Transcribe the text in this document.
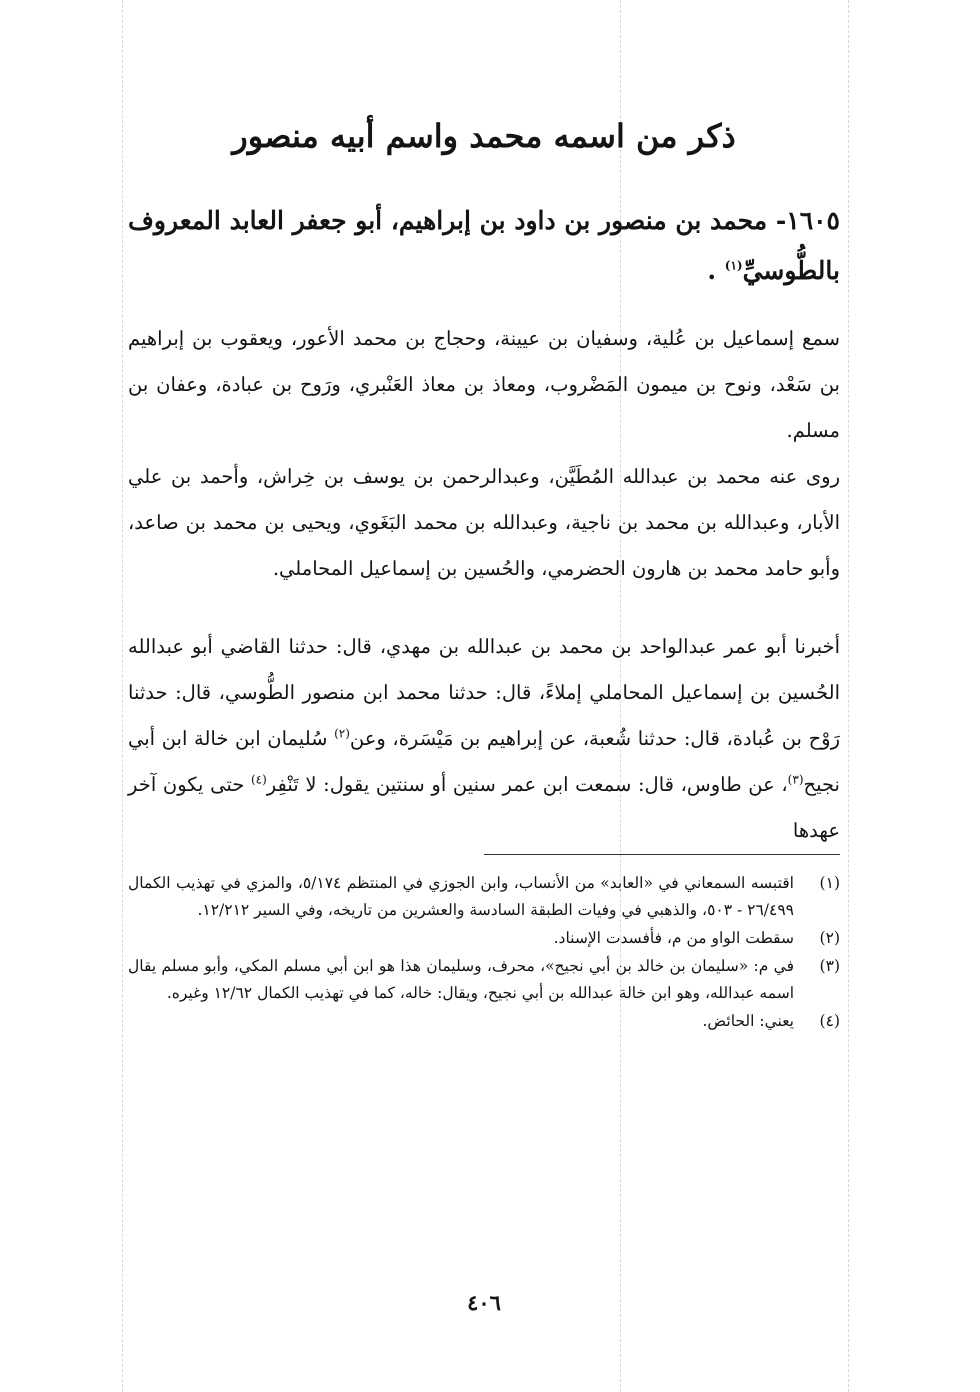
ذكر من اسمه محمد واسم أبيه منصور
١٦٠٥- محمد بن منصور بن داود بن إبراهيم، أبو جعفر العابد المعروف بالطُّوسيِّ$^{(١)}$ .
سمع إسماعيل بن عُلية، وسفيان بن عيينة، وحجاج بن محمد الأعور، ويعقوب بن إبراهيم بن سَعْد، ونوح بن ميمون المَضْروب، ومعاذ بن معاذ العَنْبري، ورَوح بن عبادة، وعفان بن مسلم.
روى عنه محمد بن عبدالله المُطَيَّن، وعبدالرحمن بن يوسف بن خِراش، وأحمد بن علي الأبار، وعبدالله بن محمد بن ناجية، وعبدالله بن محمد البَغَوي، ويحيى بن محمد بن صاعد، وأبو حامد محمد بن هارون الحضرمي، والحُسين بن إسماعيل المحاملي.
أخبرنا أبو عمر عبدالواحد بن محمد بن عبدالله بن مهدي، قال: حدثنا القاضي أبو عبدالله الحُسين بن إسماعيل المحاملي إملاءً، قال: حدثنا محمد ابن منصور الطُّوسي، قال: حدثنا رَوْح بن عُبادة، قال: حدثنا شُعبة، عن إبراهيم بن مَيْسَرة، وعن$^{(٢)}$ سُليمان ابن خالة ابن أبي نجيح$^{(٣)}$، عن طاوس، قال: سمعت ابن عمر سنين أو سنتين يقول: لا تَنْفِر$^{(٤)}$ حتى يكون آخر عهدها
(١)
اقتبسه السمعاني في «العابد» من الأنساب، وابن الجوزي في المنتظم ٥/١٧٤، والمزي في تهذيب الكمال ٢٦/٤٩٩ - ٥٠٣، والذهبي في وفيات الطبقة السادسة والعشرين من تاريخه، وفي السير ١٢/٢١٢.
(٢)
سقطت الواو من م، فأفسدت الإسناد.
(٣)
في م: «سليمان بن خالد بن أبي نجيح»، محرف، وسليمان هذا هو ابن أبي مسلم المكي، وأبو مسلم يقال اسمه عبدالله، وهو ابن خالة عبدالله بن أبي نجيح، ويقال: خاله، كما في تهذيب الكمال ١٢/٦٢ وغيره.
(٤)
يعني: الحائض.
٤٠٦
